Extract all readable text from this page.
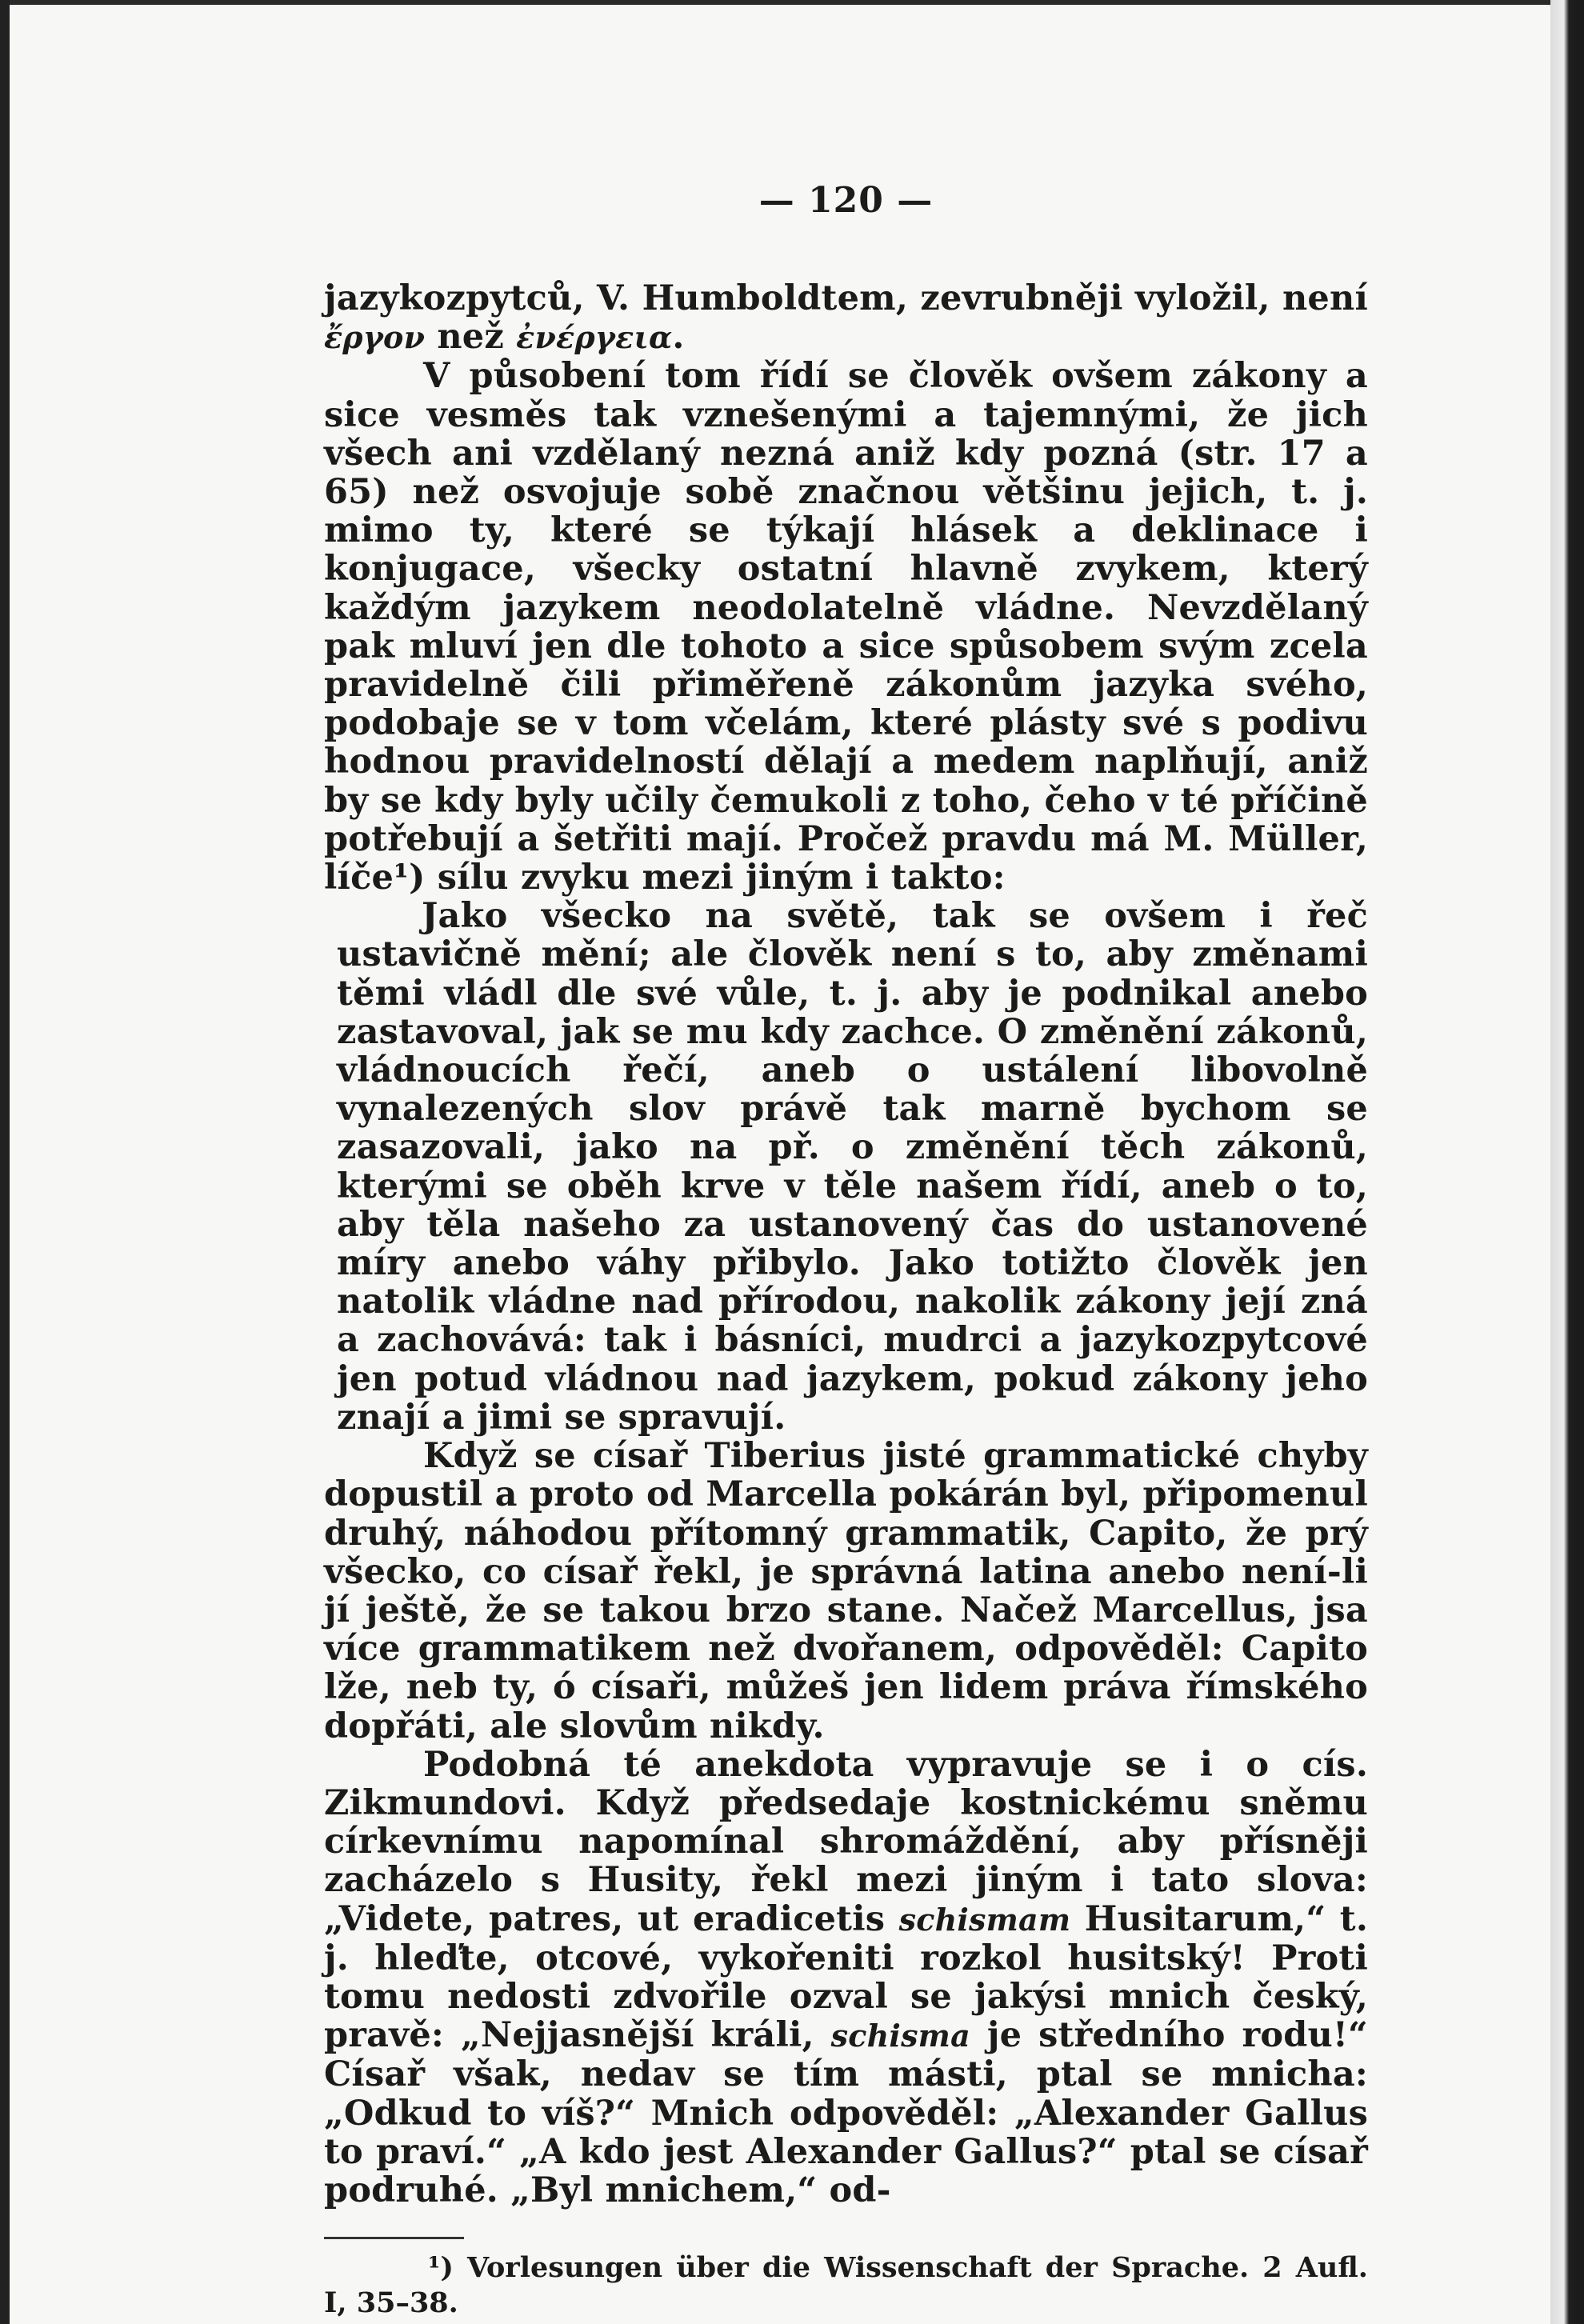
— 120 —

jazykozpytců, V. Humboldtem, zevrubněji vyložil, není ἔργον než ἐνέργεια.

V působení tom řídí se člověk ovšem zákony a sice vesměs tak vznešenými a tajemnými, že jich všech ani vzdělaný nezná aniž kdy pozná (str. 17 a 65) než osvojuje sobě značnou většinu jejich, t. j. mimo ty, které se týkají hlásek a deklinace i konjugace, všecky ostatní hlavně zvykem, který každým jazykem neodolatelně vládne. Nevzdělaný pak mluví jen dle tohoto a sice spůsobem svým zcela pravidelně čili přiměřeně zákonům jazyka svého, podobaje se v tom včelám, které plásty své s podivu hodnou pravidelností dělají a medem naplňují, aniž by se kdy byly učily čemukoli z toho, čeho v té příčině potřebují a šetřiti mají. Pročež pravdu má M. Müller, líče¹) sílu zvyku mezi jiným i takto:

Jako všecko na světě, tak se ovšem i řeč ustavičně mění; ale člověk není s to, aby změnami těmi vládl dle své vůle, t. j. aby je podnikal anebo zastavoval, jak se mu kdy zachce. O změnění zákonů, vládnoucích řečí, aneb o ustálení libovolně vynalezených slov právě tak marně bychom se zasazovali, jako na př. o změnění těch zákonů, kterými se oběh krve v těle našem řídí, aneb o to, aby těla našeho za ustanovený čas do ustanovené míry anebo váhy přibylo. Jako totižto člověk jen natolik vládne nad přírodou, nakolik zákony její zná a zachovává: tak i básníci, mudrci a jazykozpytcové jen potud vládnou nad jazykem, pokud zákony jeho znají a jimi se spravují.

Když se císař Tiberius jisté grammatické chyby dopustil a proto od Marcella pokárán byl, připomenul druhý, náhodou přítomný grammatik, Capito, že prý všecko, co císař řekl, je správná latina anebo není-li jí ještě, že se takou brzo stane. Načež Marcellus, jsa více grammatikem než dvořanem, odpověděl: Capito lže, neb ty, ó císaři, můžeš jen lidem práva římského dopřáti, ale slovům nikdy.

Podobná té anekdota vypravuje se i o cís. Zikmundovi. Když předsedaje kostnickému sněmu církevnímu napomínal shromáždění, aby přísněji zacházelo s Husity, řekl mezi jiným i tato slova: „Videte, patres, ut eradicetis schismam Husitarum,“ t. j. hleďte, otcové, vykořeniti rozkol husitský! Proti tomu nedosti zdvořile ozval se jakýsi mnich český, pravě: „Nejjasnější králi, schisma je středního rodu!“ Císař však, nedav se tím másti, ptal se mnicha: „Odkud to víš?“ Mnich odpověděl: „Alexander Gallus to praví.“ „A kdo jest Alexander Gallus?“ ptal se císař podruhé. „Byl mnichem,“ od-

¹) Vorlesungen über die Wissenschaft der Sprache. 2 Aufl. I, 35–38.
